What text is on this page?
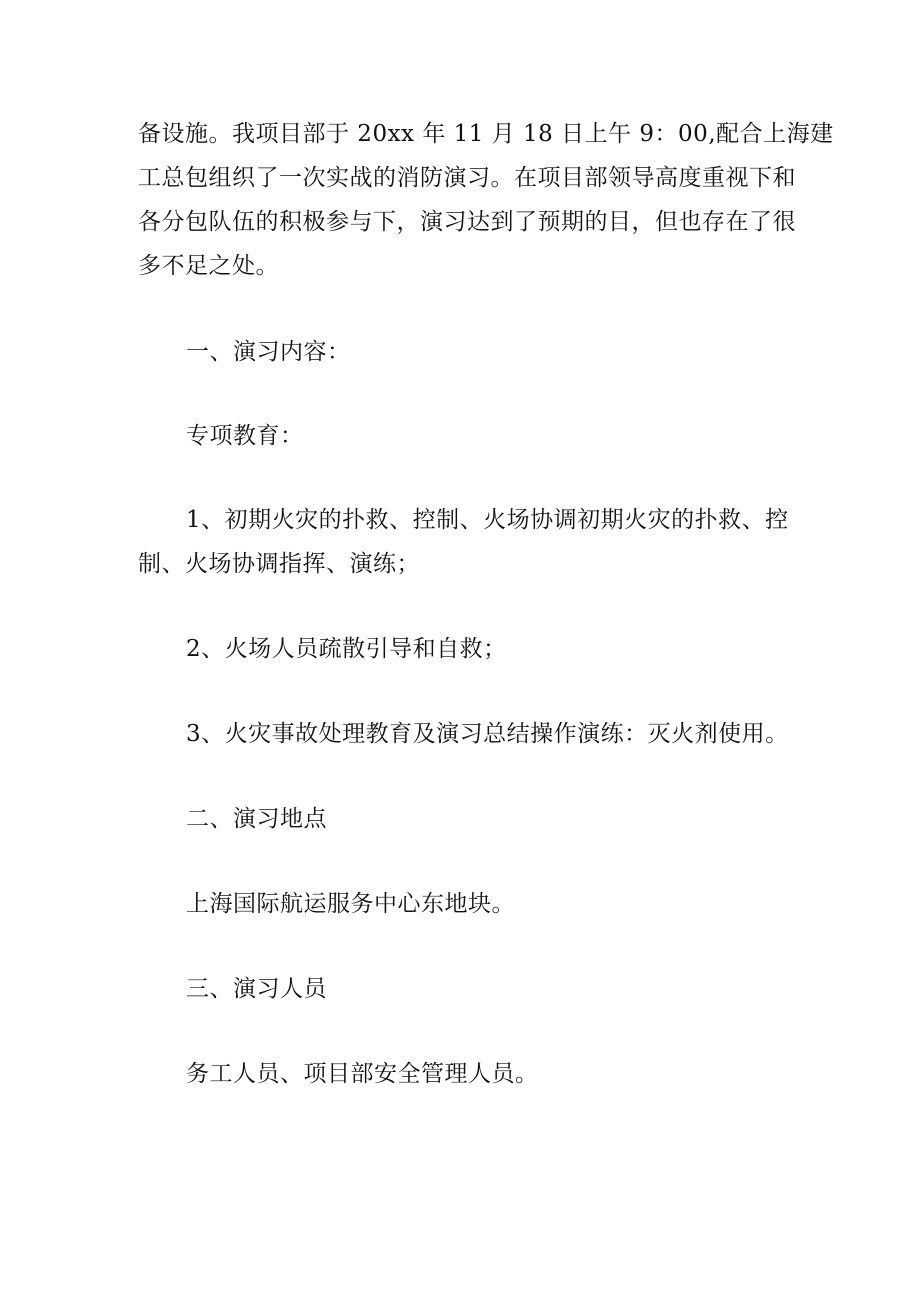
备设施。我项目部于 20xx 年 11 月 18 日上午 9：00,配合上海建
工总包组织了一次实战的消防演习。在项目部领导高度重视下和
各分包队伍的积极参与下，演习达到了预期的目，但也存在了很
多不足之处。
一、演习内容：
专项教育：
1、初期火灾的扑救、控制、火场协调初期火灾的扑救、控
制、火场协调指挥、演练；
2、火场人员疏散引导和自救；
3、火灾事故处理教育及演习总结操作演练：灭火剂使用。
二、演习地点
上海国际航运服务中心东地块。
三、演习人员
务工人员、项目部安全管理人员。
